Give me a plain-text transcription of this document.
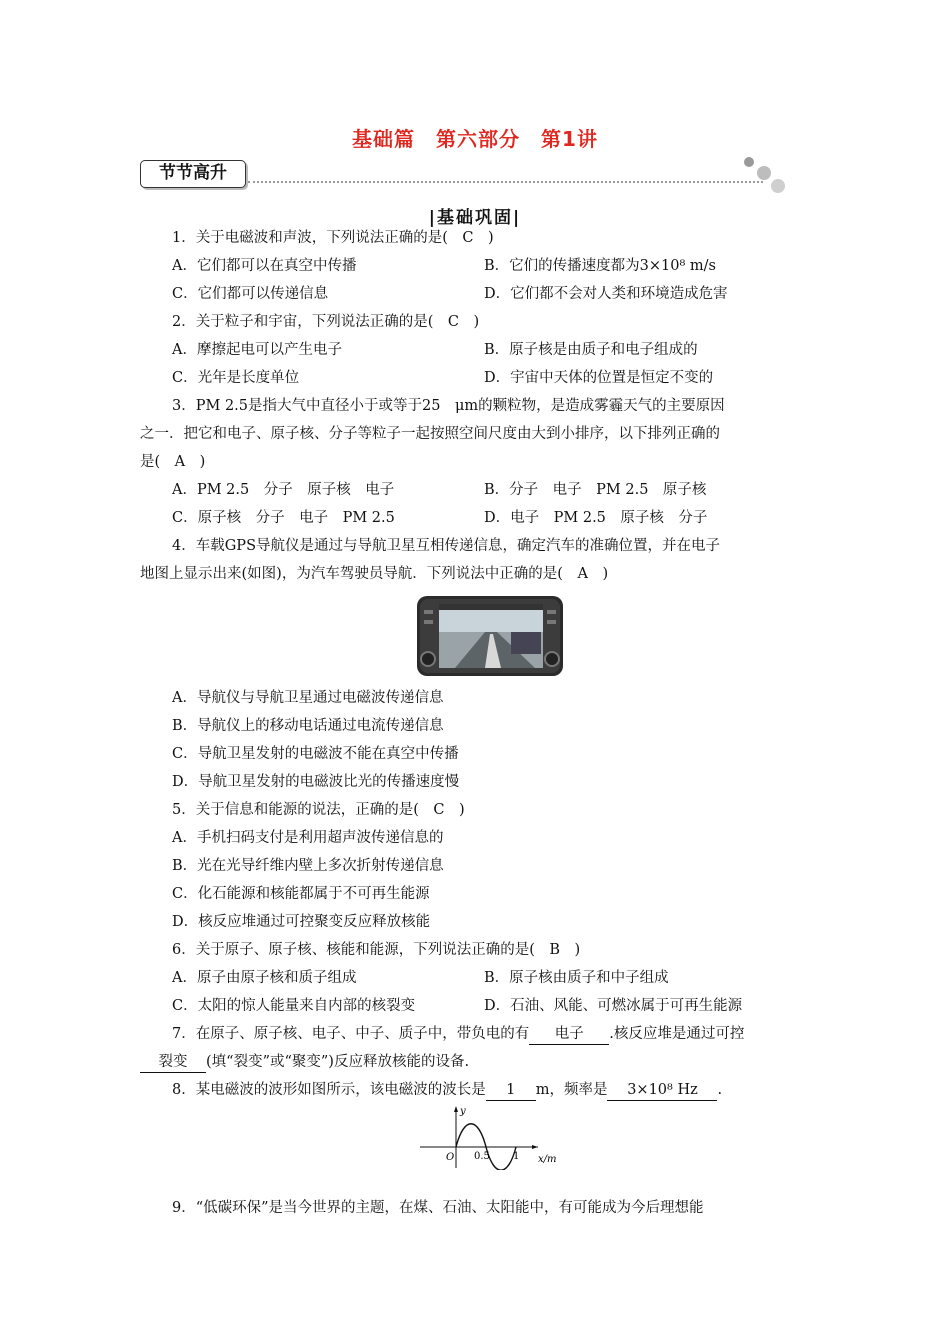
基础篇　第六部分　第1讲
节节高升
|基础巩固|
1．关于电磁波和声波，下列说法正确的是(　C　)
A．它们都可以在真空中传播	B．它们的传播速度都为3×10⁸ m/s
C．它们都可以传递信息	D．它们都不会对人类和环境造成危害
2．关于粒子和宇宙，下列说法正确的是(　C　)
A．摩擦起电可以产生电子	B．原子核是由质子和电子组成的
C．光年是长度单位	D．宇宙中天体的位置是恒定不变的
3．PM 2.5是指大气中直径小于或等于25　μm的颗粒物，是造成雾霾天气的主要原因
之一．把它和电子、原子核、分子等粒子一起按照空间尺度由大到小排序，以下排列正确的
是(　A　)
A．PM 2.5　分子　原子核　电子	B．分子　电子　PM 2.5　原子核
C．原子核　分子　电子　PM 2.5	D．电子　PM 2.5　原子核　分子
4．车载GPS导航仪是通过与导航卫星互相传递信息，确定汽车的准确位置，并在电子
地图上显示出来(如图)，为汽车驾驶员导航．下列说法中正确的是(　A　)
A．导航仪与导航卫星通过电磁波传递信息
B．导航仪上的移动电话通过电流传递信息
C．导航卫星发射的电磁波不能在真空中传播
D．导航卫星发射的电磁波比光的传播速度慢
5．关于信息和能源的说法，正确的是(　C　)
A．手机扫码支付是利用超声波传递信息的
B．光在光导纤维内壁上多次折射传递信息
C．化石能源和核能都属于不可再生能源
D．核反应堆通过可控聚变反应释放核能
6．关于原子、原子核、核能和能源，下列说法正确的是(　B　)
A．原子由原子核和质子组成	B．原子核由质子和中子组成
C．太阳的惊人能量来自内部的核裂变	D．石油、风能、可燃冰属于可再生能源
7．在原子、原子核、电子、中子、质子中，带负电的有 电子 .核反应堆是通过可控
裂变 (填“裂变”或“聚变”)反应释放核能的设备.
8．某电磁波的波形如图所示，该电磁波的波长是 1 m，频率是 3×10⁸ Hz .
y
O 0.5 1 x/m
9．“低碳环保”是当今世界的主题，在煤、石油、太阳能中，有可能成为今后理想能
